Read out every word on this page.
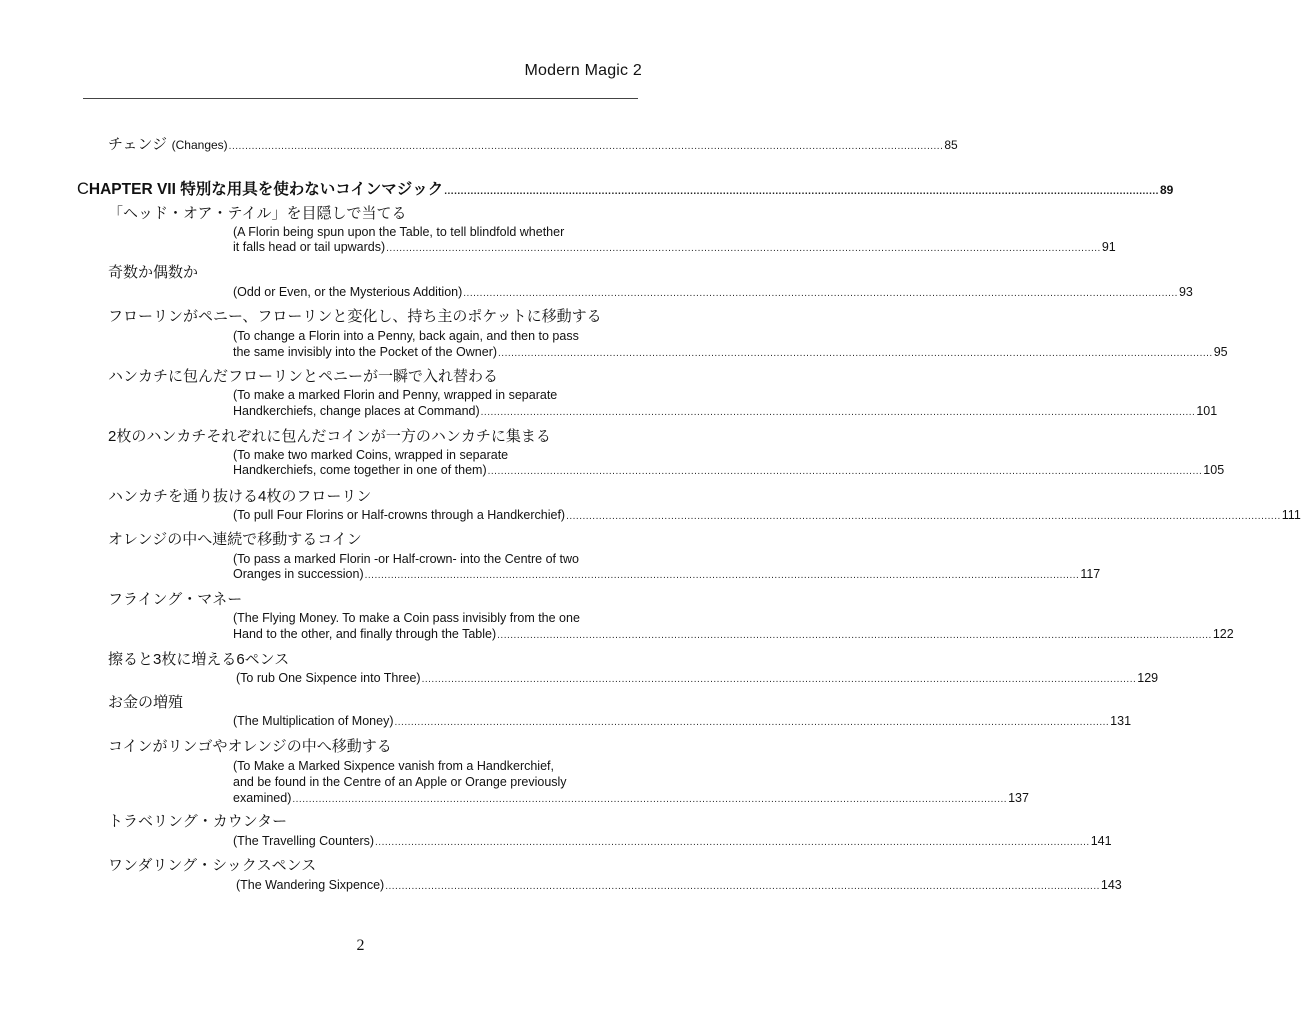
Modern Magic 2
チェンジ (Changes) .......................................................................................................................................................................................................................... 85
CHAPTER VII 特別な用具を使わないコインマジック .......................................................................................................................................................................................................................... 89
「ヘッド・オア・テイル」を目隠しで当てる
(A Florin being spun upon the Table, to tell blindfold whether
it falls head or tail upwards) .......................................................................................................................................................................................................................... 91
奇数か偶数か
(Odd or Even, or the Mysterious Addition) .......................................................................................................................................................................................................................... 93
フローリンがペニー、フローリンと変化し、持ち主のポケットに移動する
(To change a Florin into a Penny, back again, and then to pass
the same invisibly into the Pocket of the Owner) .......................................................................................................................................................................................................................... 95
ハンカチに包んだフローリンとペニーが一瞬で入れ替わる
(To make a marked Florin and Penny, wrapped in separate
Handkerchiefs, change places at Command) .......................................................................................................................................................................................................................... 101
2枚のハンカチそれぞれに包んだコインが一方のハンカチに集まる
(To make two marked Coins, wrapped in separate
Handkerchiefs, come together in one of them) .......................................................................................................................................................................................................................... 105
ハンカチを通り抜ける4枚のフローリン
(To pull Four Florins or Half-crowns through a Handkerchief) .......................................................................................................................................................................................................................... 111
オレンジの中へ連続で移動するコイン
(To pass a marked Florin -or Half-crown- into the Centre of two
Oranges in succession) .......................................................................................................................................................................................................................... 117
フライング・マネー
(The Flying Money. To make a Coin pass invisibly from the one
Hand to the other, and finally through the Table) .......................................................................................................................................................................................................................... 122
擦ると3枚に増える6ペンス
(To rub One Sixpence into Three) .......................................................................................................................................................................................................................... 129
お金の増殖
(The Multiplication of Money) .......................................................................................................................................................................................................................... 131
コインがリンゴやオレンジの中へ移動する
(To Make a Marked Sixpence vanish from a Handkerchief,
and be found in the Centre of an Apple or Orange previously
examined) .......................................................................................................................................................................................................................... 137
トラベリング・カウンター
(The Travelling Counters) .......................................................................................................................................................................................................................... 141
ワンダリング・シックスペンス
(The Wandering Sixpence) .......................................................................................................................................................................................................................... 143
2
